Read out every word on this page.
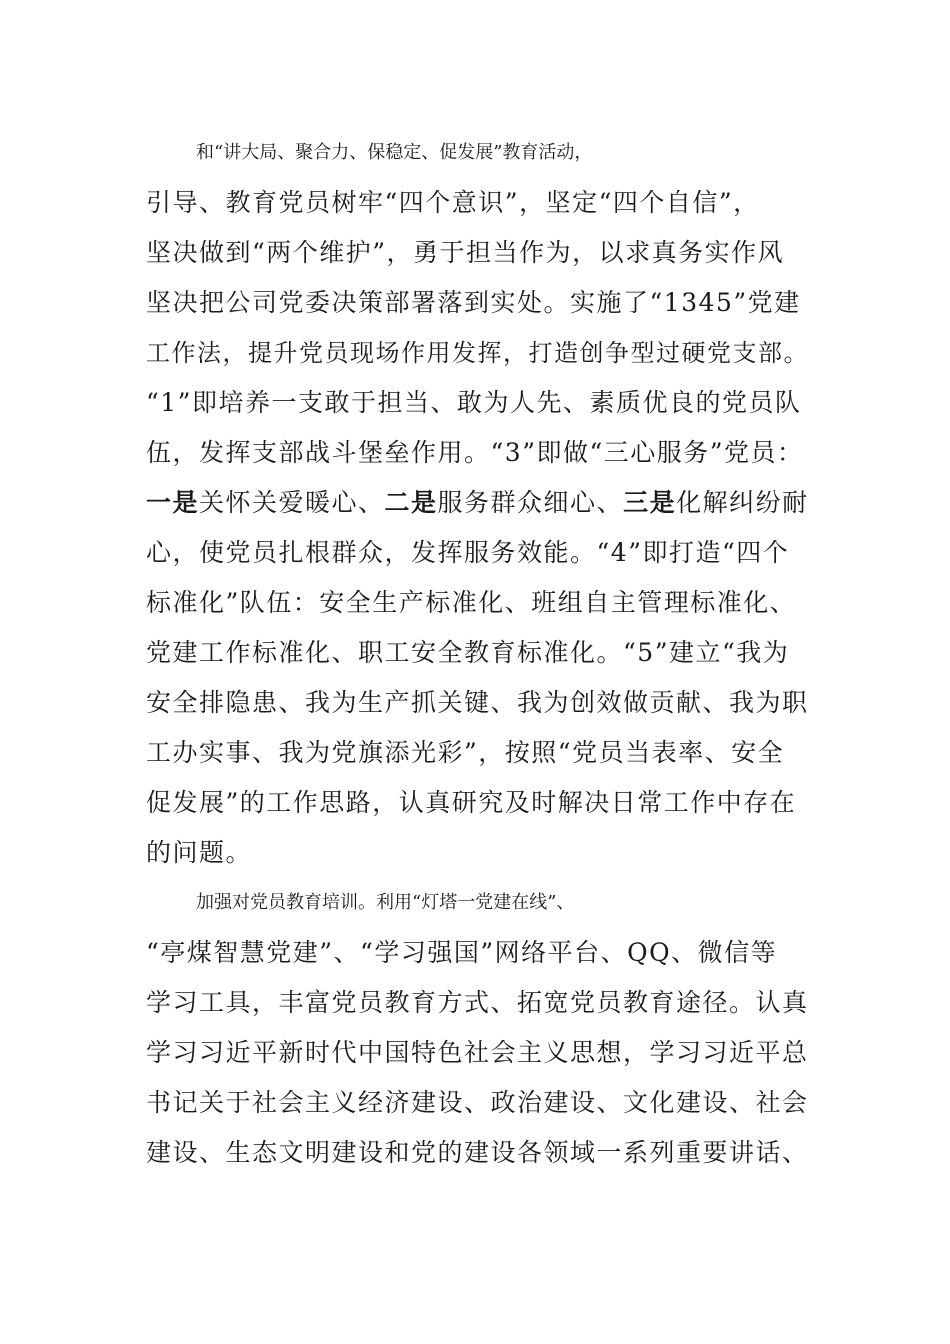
和“讲大局、聚合力、保稳定、促发展”教育活动，
引导、教育党员树牢“四个意识”，坚定“四个自信”，
坚决做到“两个维护”，勇于担当作为，以求真务实作风
坚决把公司党委决策部署落到实处。实施了“1345”党建
工作法，提升党员现场作用发挥，打造创争型过硬党支部。
“1”即培养一支敢于担当、敢为人先、素质优良的党员队
伍，发挥支部战斗堡垒作用。“3”即做“三心服务”党员：
一是关怀关爱暖心、二是服务群众细心、三是化解纠纷耐
心，使党员扎根群众，发挥服务效能。“4”即打造“四个
标准化”队伍：安全生产标准化、班组自主管理标准化、
党建工作标准化、职工安全教育标准化。“5”建立“我为
安全排隐患、我为生产抓关键、我为创效做贡献、我为职
工办实事、我为党旗添光彩”，按照“党员当表率、安全
促发展”的工作思路，认真研究及时解决日常工作中存在
的问题。
加强对党员教育培训。利用“灯塔一党建在线”、
“亭煤智慧党建”、“学习强国”网络平台、QQ、微信等
学习工具，丰富党员教育方式、拓宽党员教育途径。认真
学习习近平新时代中国特色社会主义思想，学习习近平总
书记关于社会主义经济建设、政治建设、文化建设、社会
建设、生态文明建设和党的建设各领域一系列重要讲话、
